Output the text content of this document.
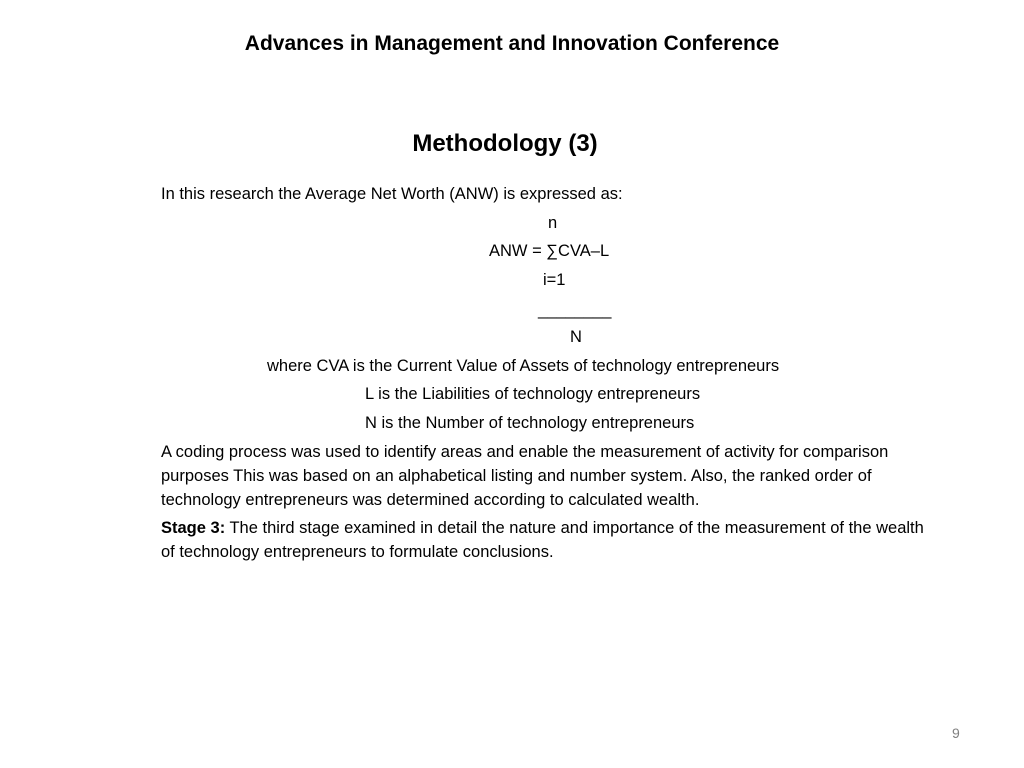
Advances in Management and Innovation Conference
Methodology (3)
In this research the Average Net Worth (ANW) is expressed as:
n
ANW = ∑CVA–L
i=1
________
N
where CVA is the Current Value of Assets of technology entrepreneurs
L is the Liabilities of technology entrepreneurs
N is the Number of technology entrepreneurs
A coding process was used to identify areas and enable the measurement of activity for comparison purposes This was based on an alphabetical listing and number system. Also, the ranked order of technology entrepreneurs was determined according to calculated wealth.
Stage 3: The third stage examined in detail the nature and importance of the measurement of the wealth of technology entrepreneurs to formulate conclusions.
9
